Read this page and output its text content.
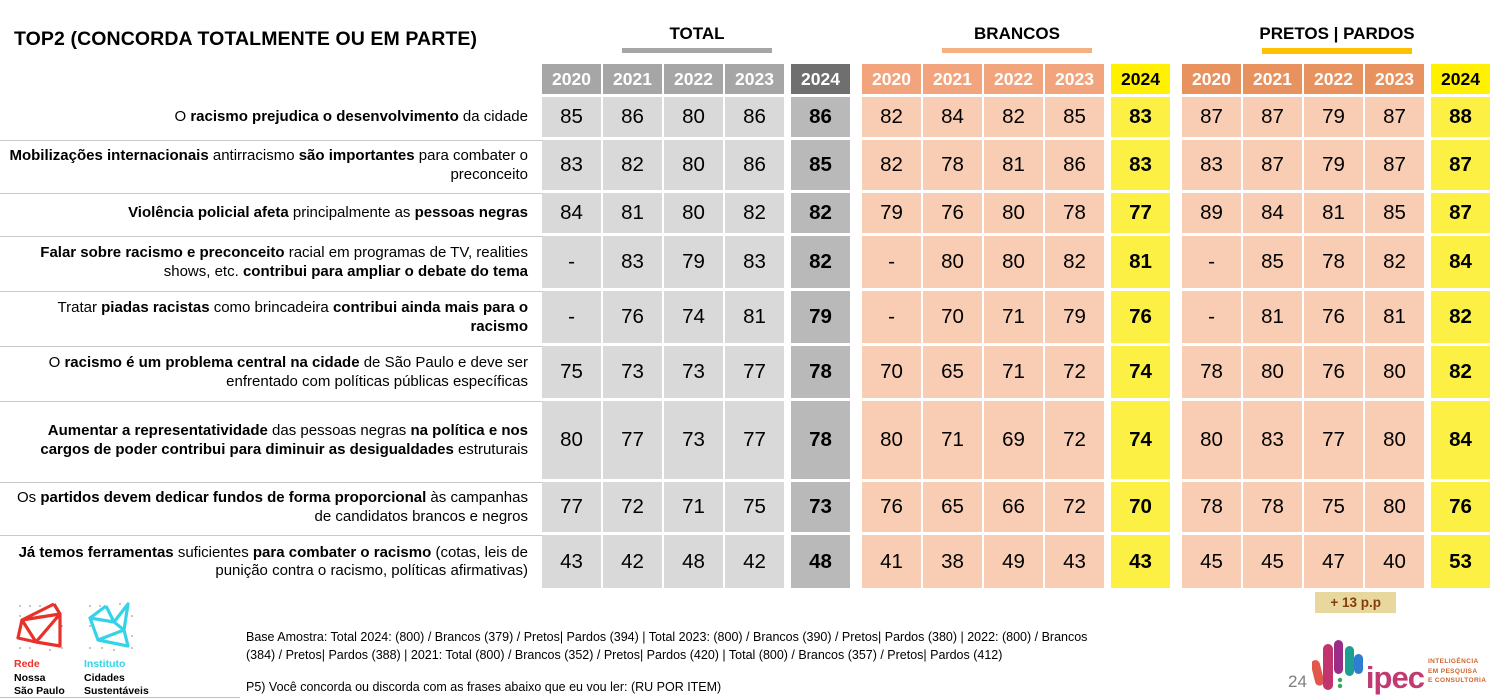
TOP2 (CONCORDA TOTALMENTE OU EM PARTE)	TOTAL	BRANCOS	PRETOS | PARDOS
2020	2021	2022	2023	2024	2020	2021	2022	2023	2024	2020	2021	2022	2023	2024
O racismo prejudica o desenvolvimento da cidade	85	86	80	86	86	82	84	82	85	83	87	87	79	87	88
Mobilizações internacionais antirracismo são importantes para combater o preconceito	83	82	80	86	85	82	78	81	86	83	83	87	79	87	87
Violência policial afeta principalmente as pessoas negras	84	81	80	82	82	79	76	80	78	77	89	84	81	85	87
Falar sobre racismo e preconceito racial em programas de TV, realities shows, etc. contribui para ampliar o debate do tema	-	83	79	83	82	-	80	80	82	81	-	85	78	82	84
Tratar piadas racistas como brincadeira contribui ainda mais para o racismo	-	76	74	81	79	-	70	71	79	76	-	81	76	81	82
O racismo é um problema central na cidade de São Paulo e deve ser enfrentado com políticas públicas específicas	75	73	73	77	78	70	65	71	72	74	78	80	76	80	82
Aumentar a representatividade das pessoas negras na política e nos cargos de poder contribui para diminuir as desigualdades estruturais	80	77	73	77	78	80	71	69	72	74	80	83	77	80	84
Os partidos devem dedicar fundos de forma proporcional às campanhas de candidatos brancos e negros	77	72	71	75	73	76	65	66	72	70	78	78	75	80	76
Já temos ferramentas suficientes para combater o racismo (cotas, leis de punição contra o racismo, políticas afirmativas)	43	42	48	42	48	41	38	49	43	43	45	45	47	40	53
+ 13 p.p
Rede
Nossa
São Paulo
Instituto
Cidades
Sustentáveis
Base Amostra: Total 2024: (800) / Brancos (379) / Pretos| Pardos (394) | Total 2023: (800) / Brancos (390) / Pretos| Pardos (380) | 2022: (800) / Brancos (384) / Pretos| Pardos (388) | 2021: Total (800) / Brancos (352) / Pretos| Pardos (420) | Total (800) / Brancos (357) / Pretos| Pardos (412)
P5) Você concorda ou discorda com as frases abaixo que eu vou ler: (RU POR ITEM)	24 ipec INTELIGÊNCIA
EM PESQUISA
E CONSULTORIA
